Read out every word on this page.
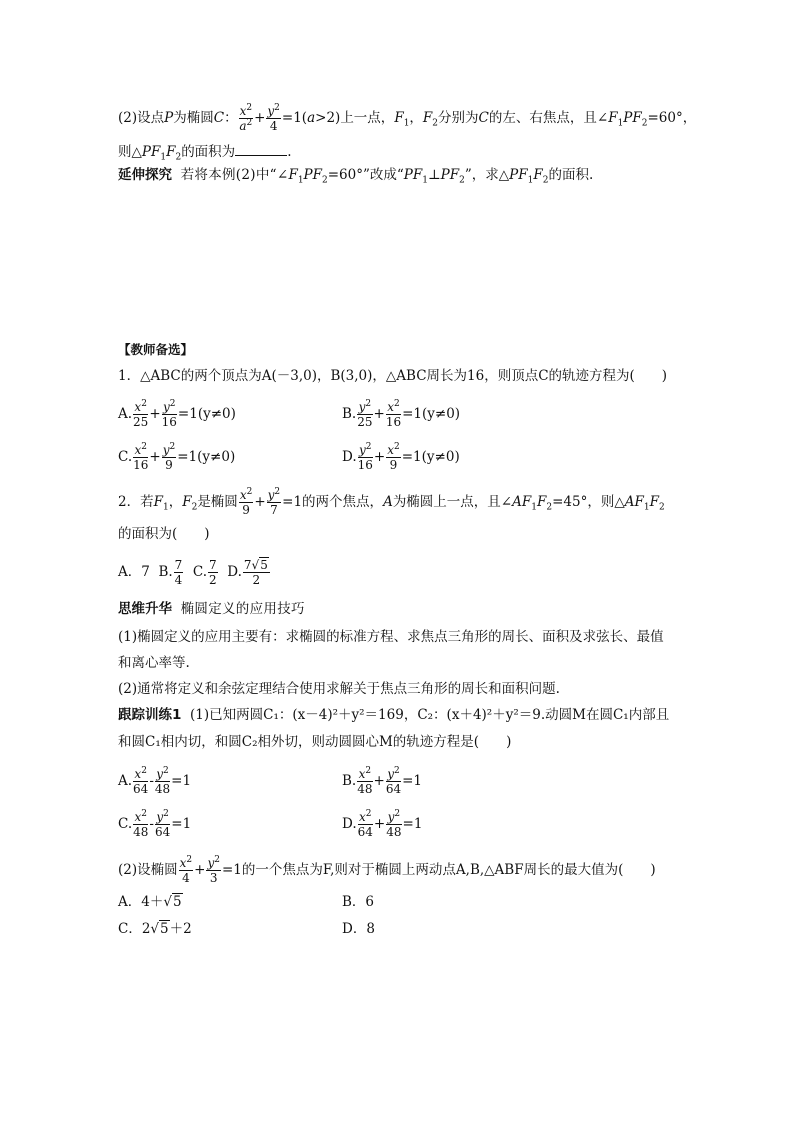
(2)设点P为椭圆C： $\frac{x^2}{a^2} + \frac{y^2}{4} =1(a>2)$上一点，$F_1$，$F_2$分别为C的左、右焦点，且$\angle F_1PF_2=60^\circ$，
则$\triangle PF_1F_2$的面积为	.
延伸探究 若将本例(2)中“$\angle F_1PF_2=60^\circ$”改成“$PF_1\perp PF_2$”，求$\triangle PF_1F_2$的面积.
【教师备选】
1．△ABC的两个顶点为A(－3,0)，B(3,0)，△ABC周长为16，则顶点C的轨迹方程为(　　)
A. $\frac{x^2}{25} + \frac{y^2}{16} =1(y\ne 0)$	B. $\frac{y^2}{25} + \frac{x^2}{16} =1(y\ne 0)$
C. $\frac{x^2}{16} + \frac{y^2}{9} =1(y\ne 0)$	D. $\frac{y^2}{16} + \frac{x^2}{9} =1(y\ne 0)$
2．若$F_1$，$F_2$是椭圆 $\frac{x^2}{9} + \frac{y^2}{7} =1$的两个焦点，A为椭圆上一点，且$\angle AF_1F_2=45^\circ$，则$\triangle AF_1F_2$
的面积为(　　)
A．7 B. $\frac{7}{4} C$. $\frac{7}{2} D$. $\frac{7√5}{2}$
思维升华 椭圆定义的应用技巧
(1)椭圆定义的应用主要有：求椭圆的标准方程、求焦点三角形的周长、面积及求弦长、最值
和离心率等.
(2)通常将定义和余弦定理结合使用求解关于焦点三角形的周长和面积问题.
跟踪训练1 (1)已知两圆C₁：(x－4)²＋y²＝169，C₂：(x＋4)²＋y²＝9.动圆M在圆C₁内部且
和圆C₁相内切，和圆C₂相外切，则动圆圆心M的轨迹方程是(　　)
A. $\frac{x^2}{64} - \frac{y^2}{48} =1$	B. $\frac{x^2}{48} + \frac{y^2}{64} =1$
C. $\frac{x^2}{48} - \frac{y^2}{64} =1$	D. $\frac{x^2}{64} + \frac{y^2}{48} =1$
(2)设椭圆 $\frac{x^2}{4} + \frac{y^2}{3} =1$的一个焦点为F,则对于椭圆上两动点A,B,△ABF周长的最大值为(　　)
A．4＋√5	B．6
C．2√5＋2	D．8
